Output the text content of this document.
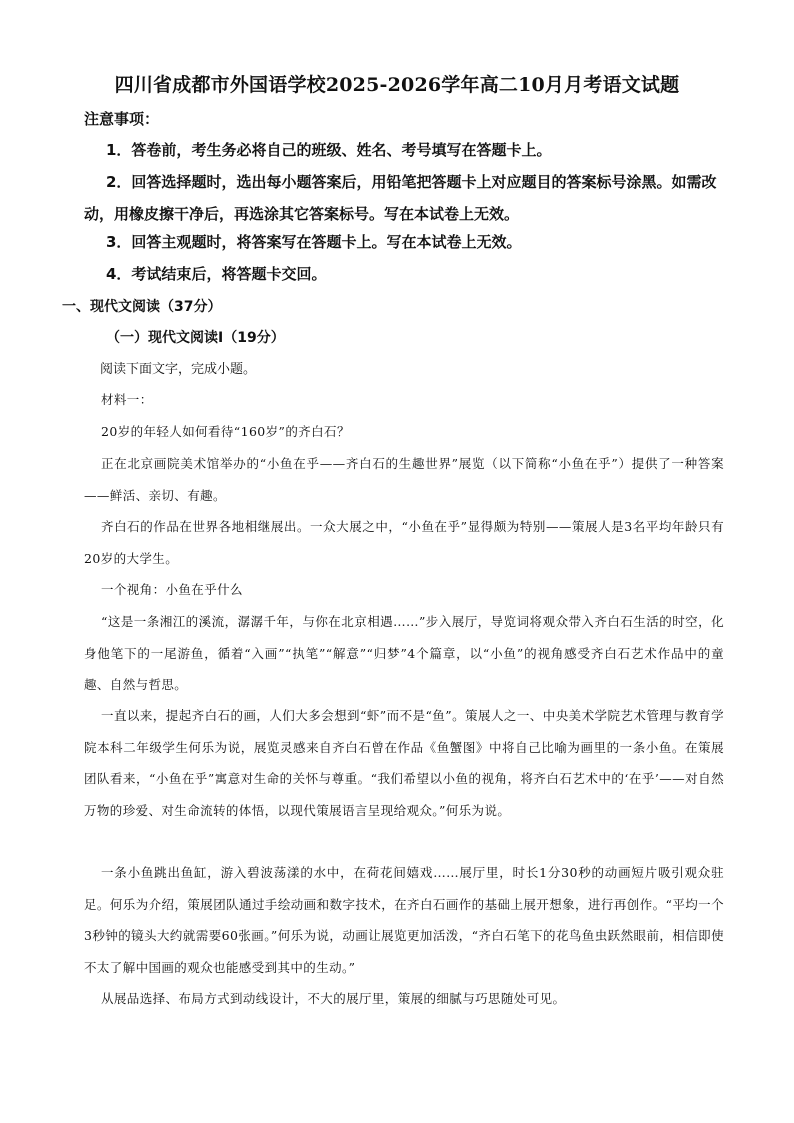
四川省成都市外国语学校2025-2026学年高二10月月考语文试题
注意事项：

1．答卷前，考生务必将自己的班级、姓名、考号填写在答题卡上。

2．回答选择题时，选出每小题答案后，用铅笔把答题卡上对应题目的答案标号涂黑。如需改动，用橡皮擦干净后，再选涂其它答案标号。写在本试卷上无效。

3．回答主观题时，将答案写在答题卡上。写在本试卷上无效。

4．考试结束后，将答题卡交回。

一、现代文阅读（37分）
（一）现代文阅读Ⅰ（19分）
阅读下面文字，完成小题。

材料一：

20岁的年轻人如何看待“160岁”的齐白石？

正在北京画院美术馆举办的“小鱼在乎——齐白石的生趣世界”展览（以下简称“小鱼在乎”）提供了一种答案——鲜活、亲切、有趣。

齐白石的作品在世界各地相继展出。一众大展之中，“小鱼在乎”显得颇为特别——策展人是3名平均年龄只有20岁的大学生。

一个视角：小鱼在乎什么

“这是一条湘江的溪流，潺潺千年，与你在北京相遇……”步入展厅，导览词将观众带入齐白石生活的时空，化身他笔下的一尾游鱼，循着“入画”“执笔”“解意”“归梦”4个篇章，以“小鱼”的视角感受齐白石艺术作品中的童趣、自然与哲思。

一直以来，提起齐白石的画，人们大多会想到“虾”而不是“鱼”。策展人之一、中央美术学院艺术管理与教育学院本科二年级学生何乐为说，展览灵感来自齐白石曾在作品《鱼蟹图》中将自己比喻为画里的一条小鱼。在策展团队看来，“小鱼在乎”寓意对生命的关怀与尊重。“我们希望以小鱼的视角，将齐白石艺术中的‘在乎’——对自然万物的珍爱、对生命流转的体悟，以现代策展语言呈现给观众。”何乐为说。

一条小鱼跳出鱼缸，游入碧波荡漾的水中，在荷花间嬉戏……展厅里，时长1分30秒的动画短片吸引观众驻足。何乐为介绍，策展团队通过手绘动画和数字技术，在齐白石画作的基础上展开想象，进行再创作。“平均一个3秒钟的镜头大约就需要60张画。”何乐为说，动画让展览更加活泼，“齐白石笔下的花鸟鱼虫跃然眼前，相信即使不太了解中国画的观众也能感受到其中的生动。”

从展品选择、布局方式到动线设计，不大的展厅里，策展的细腻与巧思随处可见。
